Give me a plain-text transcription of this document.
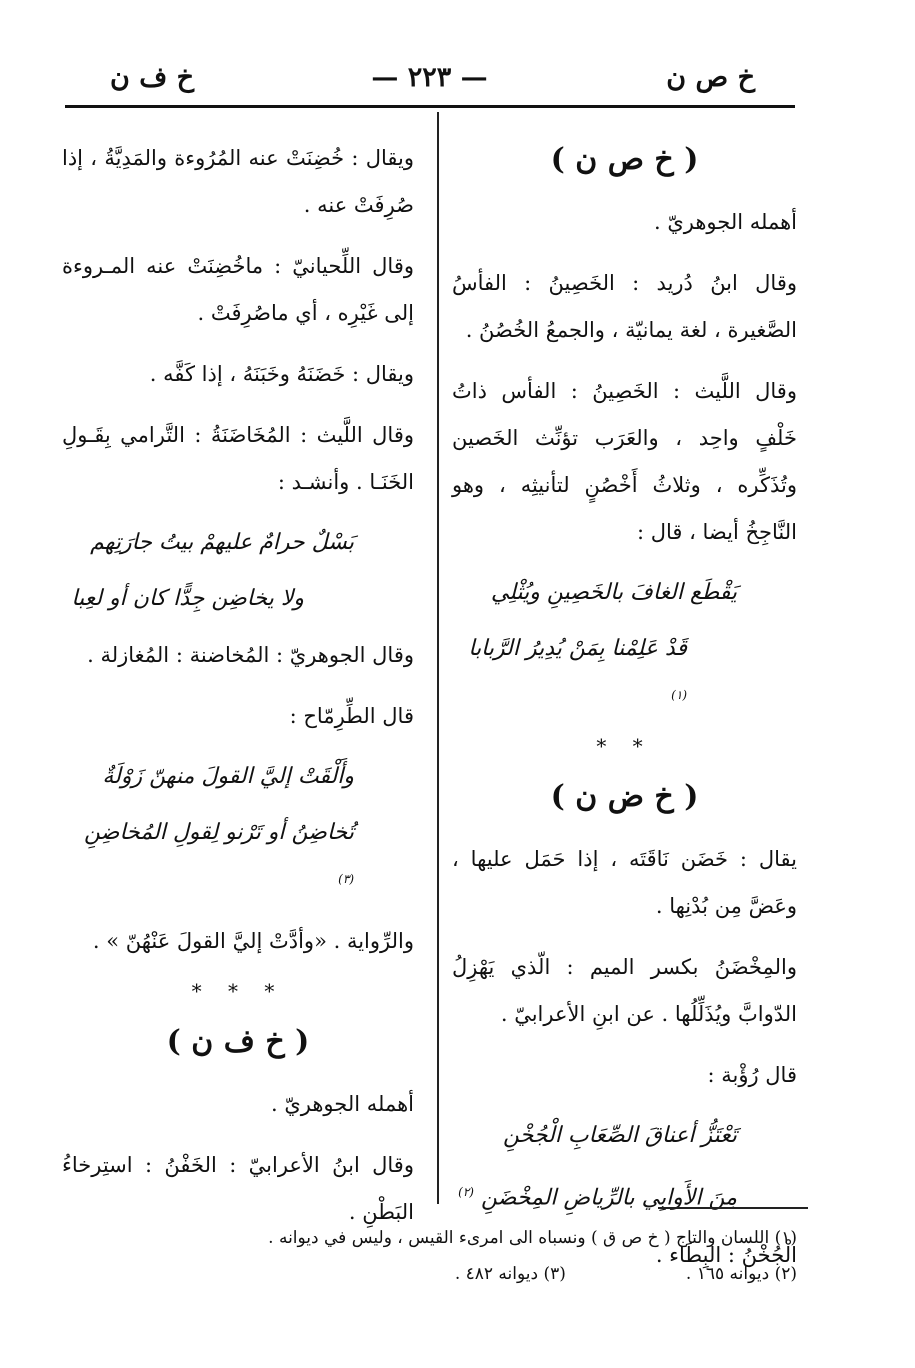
خ ص ن
— ٢٢٣ —
خ ف ن
( خ ص ن )
أهمله الجوهريّ .
وقال ابنُ دُريد : الخَصِينُ : الفأسُ الصَّغيرة ، لغة يمانيّة ، والجمعُ الخُصُنُ .
وقال اللَّيث : الخَصِينُ : الفأس ذاتُ خَلْفٍ واحِد ، والعَرَب تؤنِّث الخَصين وتُذَكِّره ، وثلاثُ أَخْصُنٍ لتأنيثِه ، وهو النَّاجِخُ أيضا ، قال :
يَقْطَع الغافَ بالخَصِينِ ويُثْلِي
قَدْ عَلِمْنا بِمَنْ يُدِيرُ الرَّبابا $^{(١)}$
* *
( خ ض ن )
يقال : خَضَن نَاقَتَه ، إذا حَمَل عليها ، وعَضَّ مِن بُدْنِها .
والمِخْضَنُ بكسر الميم : الّذي يَهْزِلُ الدّوابَّ ويُذَلِّلُها . عن ابنِ الأعرابيّ .
قال رُؤْبة :
تَعْتَزُّ أعناقَ الصِّعَابِ الْجُخْنِ
مِنَ الأَوابِي بالرِّياضِ المِخْضَنِ $^{(٢)}$
الْجُخْنُ : البِطَاء .
ويقال : خُضِنَتْ عنه المُرُوءة والمَدِيَّةُ ، إذا صُرِفَتْ عنه .
وقال اللِّحيانيّ : ماخُضِنَتْ عنه المـروءة إلى غَيْرِه ، أي ماصُرِفَتْ .
ويقال : خَضَنَهُ وخَبَنَهُ ، إذا كَفَّه .
وقال اللَّيث : المُخَاضَنَةُ : التَّرامي بِقَـولِ الخَنَـا . وأنشـد :
بَسْلٌ حرامٌ عليهمْ بيتُ جارَتِهم
ولا يخاضِن جِدًّا كان أو لعِبا
وقال الجوهريّ : المُخاضنة : المُغازلة .
قال الطِّرِمّاح :
وأَلْقَتْ إليَّ القولَ منهنّ زَوْلَةٌ
تُخاضِنُ أو تَرْنو لِقولِ المُخاضِنِ $^{(٣)}$
والرِّواية . «وأدَّتْ إليَّ القولَ عَنْهُنّ » .
* * *
( خ ف ن )
أهمله الجوهريّ .
وقال ابنُ الأعرابيّ : الخَفْنُ : استِرخاءُ البَطْنِ .
(١) اللسان والتاج ( خ ص ق ) ونسباه الى امرىء القيس ، وليس في ديوانه .
(٢) ديوانه ١٦٥ .
(٣) ديوانه ٤٨٢ .
